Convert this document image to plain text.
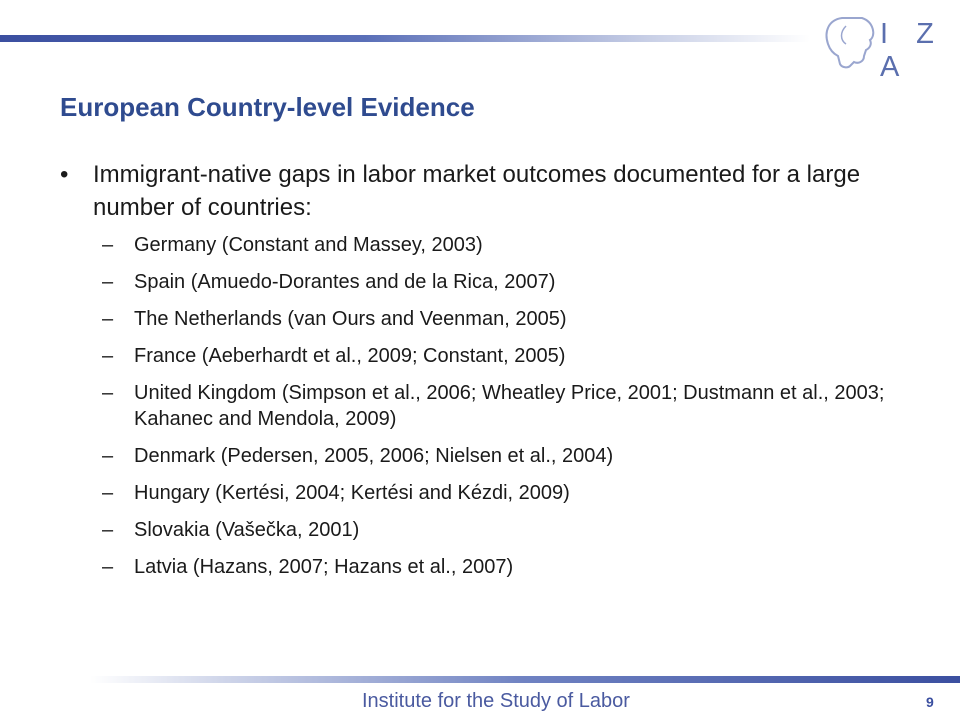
I Z A
European Country-level Evidence
•	Immigrant-native gaps in labor market outcomes documented for a large number of countries:
–	Germany (Constant and Massey, 2003)
–	Spain (Amuedo-Dorantes and de la Rica, 2007)
–	The Netherlands (van Ours and Veenman, 2005)
–	France (Aeberhardt et al., 2009; Constant, 2005)
–	United Kingdom (Simpson et al., 2006; Wheatley Price, 2001; Dustmann et al., 2003; Kahanec and Mendola, 2009)
–	Denmark (Pedersen, 2005, 2006; Nielsen et al., 2004)
–	Hungary (Kertési, 2004; Kertési and Kézdi, 2009)
–	Slovakia (Vašečka, 2001)
–	Latvia (Hazans, 2007; Hazans et al., 2007)
Institute for the Study of Labor	9
